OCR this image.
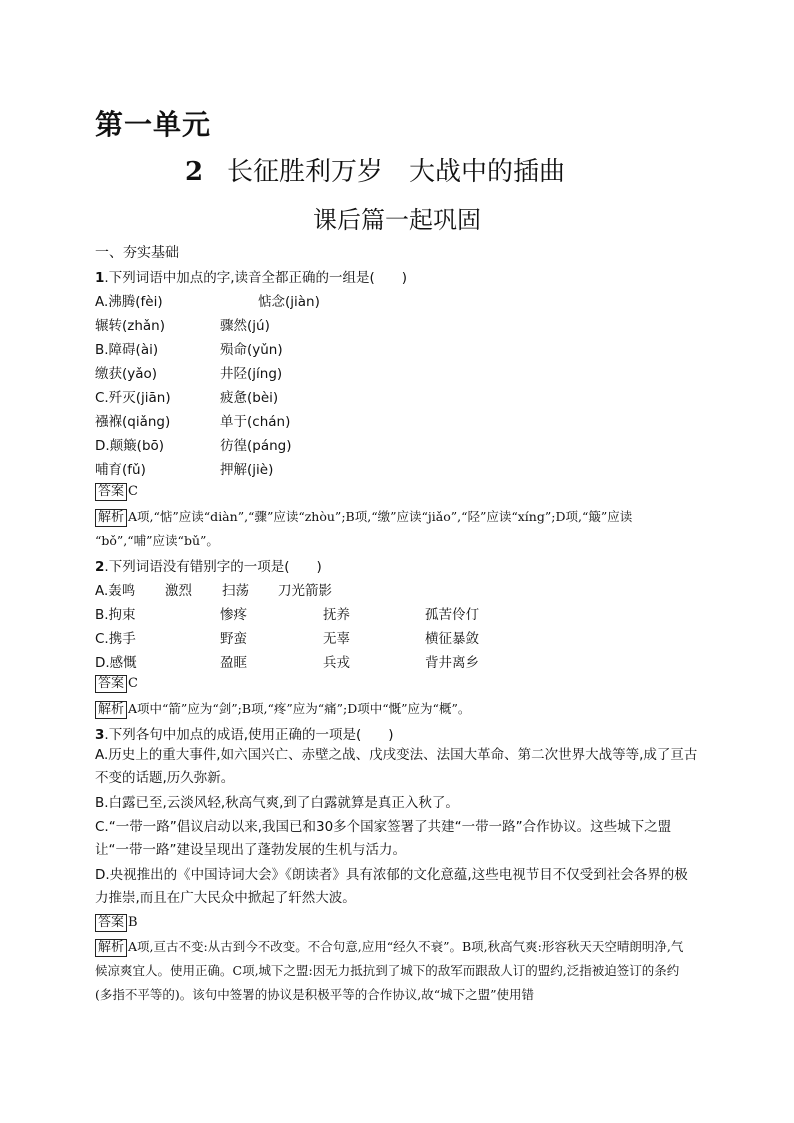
第一单元
2 长征胜利万岁 大战中的插曲
课后篇一起巩固
一、夯实基础
1.下列词语中加点的字,读音全都正确的一组是(　　)
A.沸腾(fèi)	惦念(jiàn)
辗转(zhǎn)	骤然(jú)
B.障碍(ài)	殒命(yǔn)
缴获(yǎo)	井陉(jíng)
C.歼灭(jiān)	疲惫(bèi)
襁褓(qiǎng)	单于(chán)
D.颠簸(bō)	彷徨(páng)
哺育(fǔ)	押解(jiè)
答案 C
解析 A项,“惦”应读“diàn”,“骤”应读“zhòu”;B项,“缴”应读“jiǎo”,“陉”应读“xíng”;D项,“簸”应读
“bǒ”,“哺”应读“bǔ”。
2.下列词语没有错别字的一项是(　　)
A.轰鸣 激烈 扫荡 刀光箭影
B.拘束	惨疼	抚养	孤苦伶仃
C.携手	野蛮	无辜	横征暴敛
D.感慨	盈眶	兵戎	背井离乡
答案 C
解析 A项中“箭”应为“剑”;B项,“疼”应为“痛”;D项中“慨”应为“概”。
3.下列各句中加点的成语,使用正确的一项是(　　)
A.历史上的重大事件,如六国兴亡、赤壁之战、戊戌变法、法国大革命、第二次世界大战等等,成了亘古不变的话题,历久弥新。
B.白露已至,云淡风轻,秋高气爽,到了白露就算是真正入秋了。
C.“一带一路”倡议启动以来,我国已和30多个国家签署了共建“一带一路”合作协议。这些城下之盟让“一带一路”建设呈现出了蓬勃发展的生机与活力。
D.央视推出的《中国诗词大会》《朗读者》具有浓郁的文化意蕴,这些电视节目不仅受到社会各界的极力推崇,而且在广大民众中掀起了轩然大波。
答案 B
解析 A项,亘古不变:从古到今不改变。不合句意,应用“经久不衰”。B项,秋高气爽:形容秋天天空晴朗明净,气候凉爽宜人。使用正确。C项,城下之盟:因无力抵抗到了城下的敌军而跟敌人订的盟约,泛指被迫签订的条约(多指不平等的)。该句中签署的协议是积极平等的合作协议,故“城下之盟”使用错
